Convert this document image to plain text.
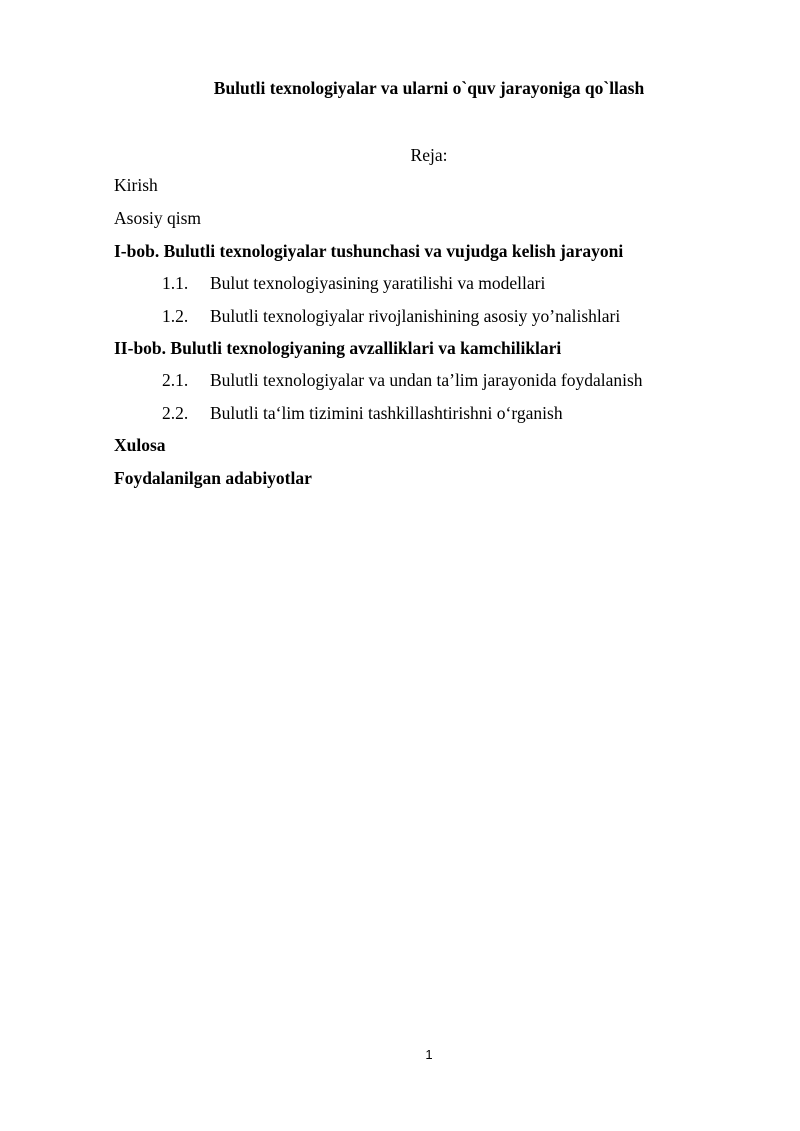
Bulutli texnologiyalar va ularni o`quv jarayoniga qo`llash
Reja:
Kirish
Asosiy qism
I-bob. Bulutli texnologiyalar tushunchasi va vujudga kelish jarayoni
1.1. Bulut texnologiyasining yaratilishi va modellari
1.2. Bulutli texnologiyalar rivojlanishining asosiy yo’nalishlari
II-bob. Bulutli texnologiyaning avzalliklari va kamchiliklari
2.1. Bulutli texnologiyalar va undan ta’lim jarayonida foydalanish
2.2. Bulutli ta‘lim tizimini tashkillashtirishni o‘rganish
Xulosa
Foydalanilgan adabiyotlar
1
